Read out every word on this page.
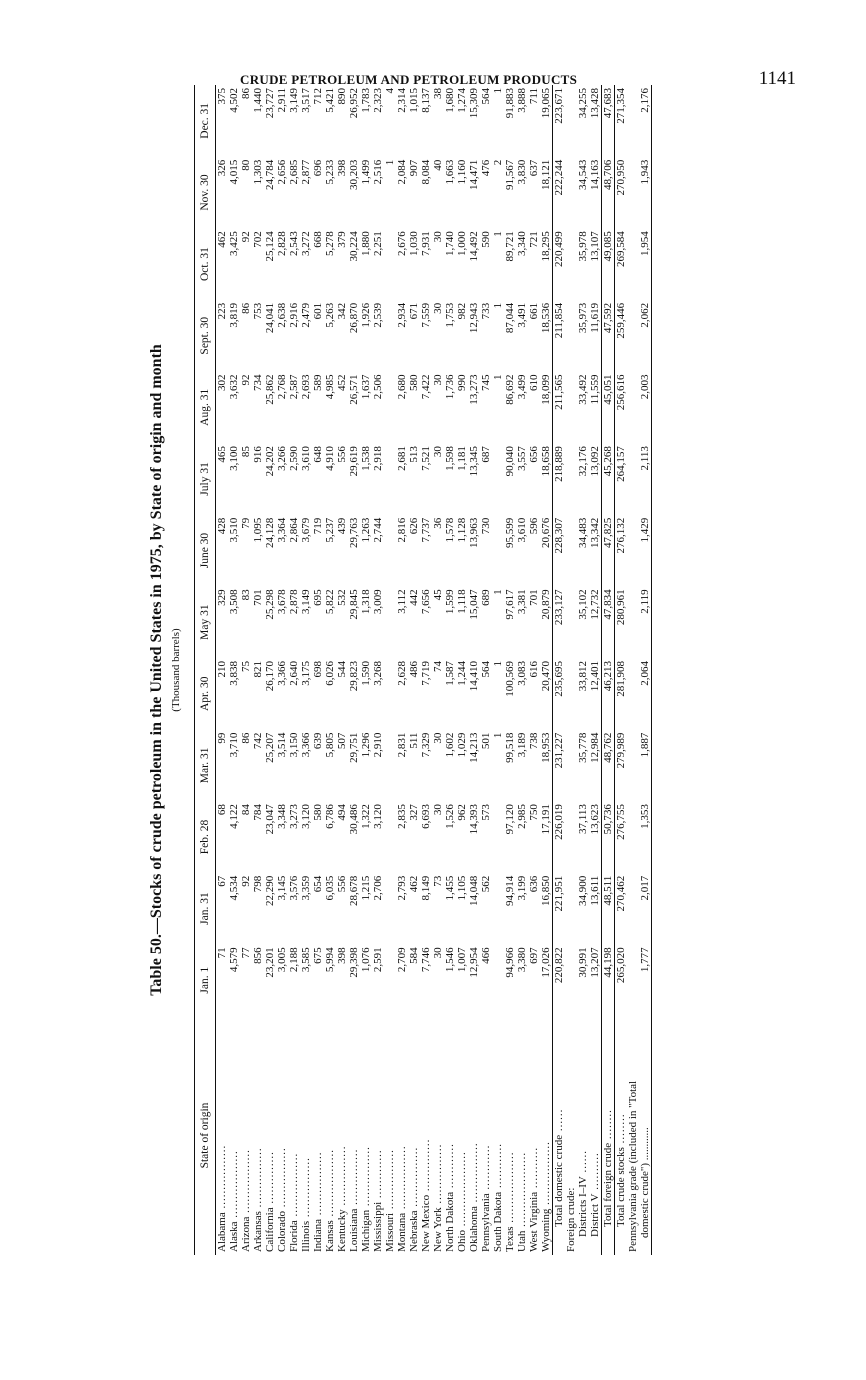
CRUDE PETROLEUM AND PETROLEUM PRODUCTS	1141

Table 50.—Stocks of crude petroleum in the United States in 1975, by State of origin and month (Thousand barrels)

State of origin	Jan. 1	Jan. 31	Feb. 28	Mar. 31	Apr. 30	May 31	June 30	July 31	Aug. 31	Sept. 30	Oct. 31	Nov. 30	Dec. 31
Alabama .................	71	67	68	99	210	329	428	465	302	223	462	326	375
Alaska ..................	4,579	4,534	4,122	3,710	3,838	3,508	3,510	3,100	3,632	3,819	3,425	4,015	4,502
Arizona .................	77	92	84	86	75	83	79	85	92	86	92	80	86
Arkansas ................	856	798	784	742	821	701	1,095	916	734	753	702	1,303	1,440
California ..............	23,201	22,290	23,047	25,207	26,170	25,298	24,128	24,202	25,862	24,041	25,124	24,784	23,727
Colorado ................	3,005	3,145	3,348	3,514	3,366	3,678	3,364	3,266	2,768	2,638	2,828	2,656	2,911
Florida .................	2,188	3,576	3,273	3,150	2,640	2,878	2,864	2,590	2,587	2,916	2,543	2,685	3,149
Illinois ................	3,585	3,359	3,120	3,366	3,175	3,149	3,679	3,610	2,693	2,479	3,272	2,877	3,517
Indiana .................	675	654	580	639	698	695	719	648	589	601	668	696	712
Kansas ..................	5,994	6,035	6,786	5,805	6,026	5,822	5,237	4,910	4,985	5,263	5,278	5,233	5,421
Kentucky ................	398	556	494	507	544	532	439	556	452	342	379	398	890
Louisiana ...............	29,398	28,678	30,486	29,751	29,823	29,845	29,763	29,619	26,571	26,870	30,224	30,203	26,952
Michigan ................	1,076	1,215	1,322	1,296	1,590	1,318	1,263	1,538	1,637	1,926	1,880	1,499	1,783
Mississippi .............	2,591	2,706	3,120	2,910	3,268	3,009	2,744	2,918	2,506	2,539	2,251	2,516	2,323
Missouri ................												1	4
Montana .................	2,709	2,793	2,835	2,831	2,628	3,112	2,816	2,681	2,680	2,934	2,676	2,084	2,314
Nebraska ................	584	462	327	511	486	442	626	513	580	671	1,030	907	1,015
New Mexico ..............	7,746	8,149	6,693	7,329	7,719	7,656	7,737	7,521	7,422	7,559	7,931	8,084	8,137
New York ................	30	73	30	30	74	45	36	30	30	30	30	40	38
North Dakota ............	1,546	1,455	1,526	1,602	1,587	1,599	1,578	1,598	1,736	1,753	1,740	1,663	1,680
Ohio ....................	1,007	1,105	962	1,029	1,244	1,118	1,128	1,181	990	982	1,000	1,160	1,274
Oklahoma ................	12,954	14,048	14,393	14,213	14,410	15,047	13,963	13,345	13,273	12,943	14,492	14,471	15,309
Pennsylvania ............	466	562	573	501	564	689	730	687	745	733	590	476	564
South Dakota ............				1	1	1			1	1	1	2	1
Texas ...................	94,966	94,914	97,120	99,518	100,569	97,617	95,599	90,040	86,692	87,044	89,721	91,567	91,883
Utah ....................	3,380	3,199	2,985	3,189	3,083	3,381	3,610	3,557	3,499	3,491	3,340	3,830	3,888
West Virginia ...........	697	636	750	738	616	701	596	656	610	661	721	637	711
Wyoming .................	17,026	16,850	17,191	18,953	20,470	20,879	20,676	18,658	18,099	18,536	18,295	18,121	19,065
Total domestic crude ......	220,822	221,951	226,019	231,227	235,695	233,127	228,307	218,889	211,565	211,854	220,499	222,244	223,671
Foreign crude:													
Districts I–IV ......	30,991	34,900	37,113	35,778	33,812	35,102	34,483	32,176	33,492	35,973	35,978	34,543	34,255
District V ..........	13,207	13,611	13,623	12,984	12,401	12,732	13,342	13,092	11,559	11,619	13,107	14,163	13,428
Total foreign crude ........	44,198	48,511	50,736	48,762	46,213	47,834	47,825	45,268	45,051	47,592	49,085	48,706	47,683
Total crude stocks ........	265,020	270,462	276,755	279,989	281,908	280,961	276,132	264,157	256,616	259,446	269,584	270,950	271,354

Pennsylvania grade (included in "Total domestic crude") ............	1,777	2,017	1,353	1,887	2,064	2,119	1,429	2,113	2,003	2,062	1,954	1,943	2,176
